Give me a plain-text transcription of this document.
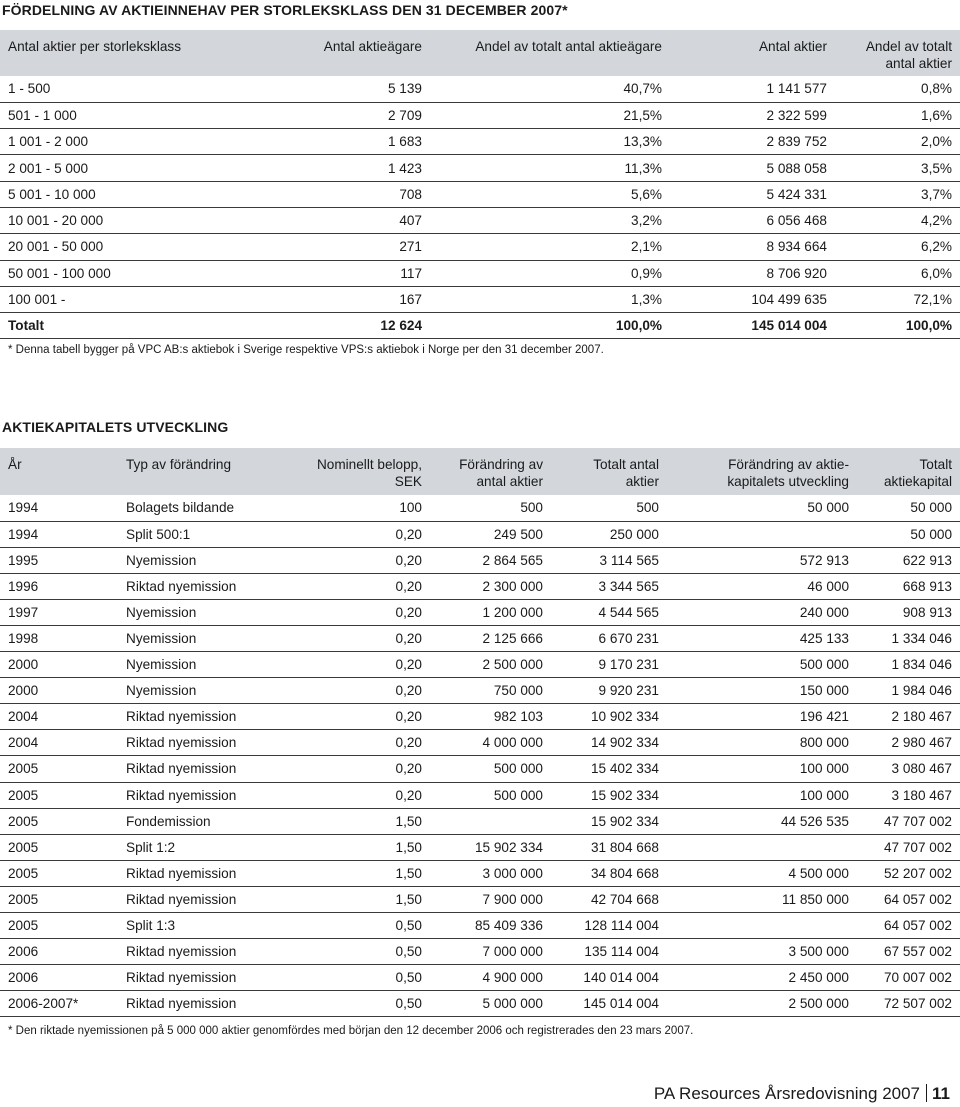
FÖRDELNING AV AKTIEINNEHAV PER STORLEKSKLASS DEN 31 DECEMBER 2007*
Antal aktier per storleksklass	Antal aktieägare	Andel av totalt antal aktieägare	Antal aktier	Andel av totalt antal aktier
1 - 500	5 139	40,7%	1 141 577	0,8%
501 - 1 000	2 709	21,5%	2 322 599	1,6%
1 001 - 2 000	1 683	13,3%	2 839 752	2,0%
2 001 - 5 000	1 423	11,3%	5 088 058	3,5%
5 001 - 10 000	708	5,6%	5 424 331	3,7%
10 001 - 20 000	407	3,2%	6 056 468	4,2%
20 001 - 50 000	271	2,1%	8 934 664	6,2%
50 001 - 100 000	117	0,9%	8 706 920	6,0%
100 001 -	167	1,3%	104 499 635	72,1%
Totalt	12 624	100,0%	145 014 004	100,0%
* Denna tabell bygger på VPC AB:s aktiebok i Sverige respektive VPS:s aktiebok i Norge per den 31 december 2007.
AKTIEKAPITALETS UTVECKLING
År	Typ av förändring	Nominellt belopp, SEK	Förändring av antal aktier	Totalt antal aktier	Förändring av aktie-kapitalets utveckling	Totalt aktiekapital
1994	Bolagets bildande	100	500	500	50 000	50 000
1994	Split 500:1	0,20	249 500	250 000		50 000
1995	Nyemission	0,20	2 864 565	3 114 565	572 913	622 913
1996	Riktad nyemission	0,20	2 300 000	3 344 565	46 000	668 913
1997	Nyemission	0,20	1 200 000	4 544 565	240 000	908 913
1998	Nyemission	0,20	2 125 666	6 670 231	425 133	1 334 046
2000	Nyemission	0,20	2 500 000	9 170 231	500 000	1 834 046
2000	Nyemission	0,20	750 000	9 920 231	150 000	1 984 046
2004	Riktad nyemission	0,20	982 103	10 902 334	196 421	2 180 467
2004	Riktad nyemission	0,20	4 000 000	14 902 334	800 000	2 980 467
2005	Riktad nyemission	0,20	500 000	15 402 334	100 000	3 080 467
2005	Riktad nyemission	0,20	500 000	15 902 334	100 000	3 180 467
2005	Fondemission	1,50		15 902 334	44 526 535	47 707 002
2005	Split 1:2	1,50	15 902 334	31 804 668		47 707 002
2005	Riktad nyemission	1,50	3 000 000	34 804 668	4 500 000	52 207 002
2005	Riktad nyemission	1,50	7 900 000	42 704 668	11 850 000	64 057 002
2005	Split 1:3	0,50	85 409 336	128 114 004		64 057 002
2006	Riktad nyemission	0,50	7 000 000	135 114 004	3 500 000	67 557 002
2006	Riktad nyemission	0,50	4 900 000	140 014 004	2 450 000	70 007 002
2006-2007*	Riktad nyemission	0,50	5 000 000	145 014 004	2 500 000	72 507 002
* Den riktade nyemissionen på 5 000 000 aktier genomfördes med början den 12 december 2006 och registrerades den 23 mars 2007.
PA Resources Årsredovisning 2007 11
